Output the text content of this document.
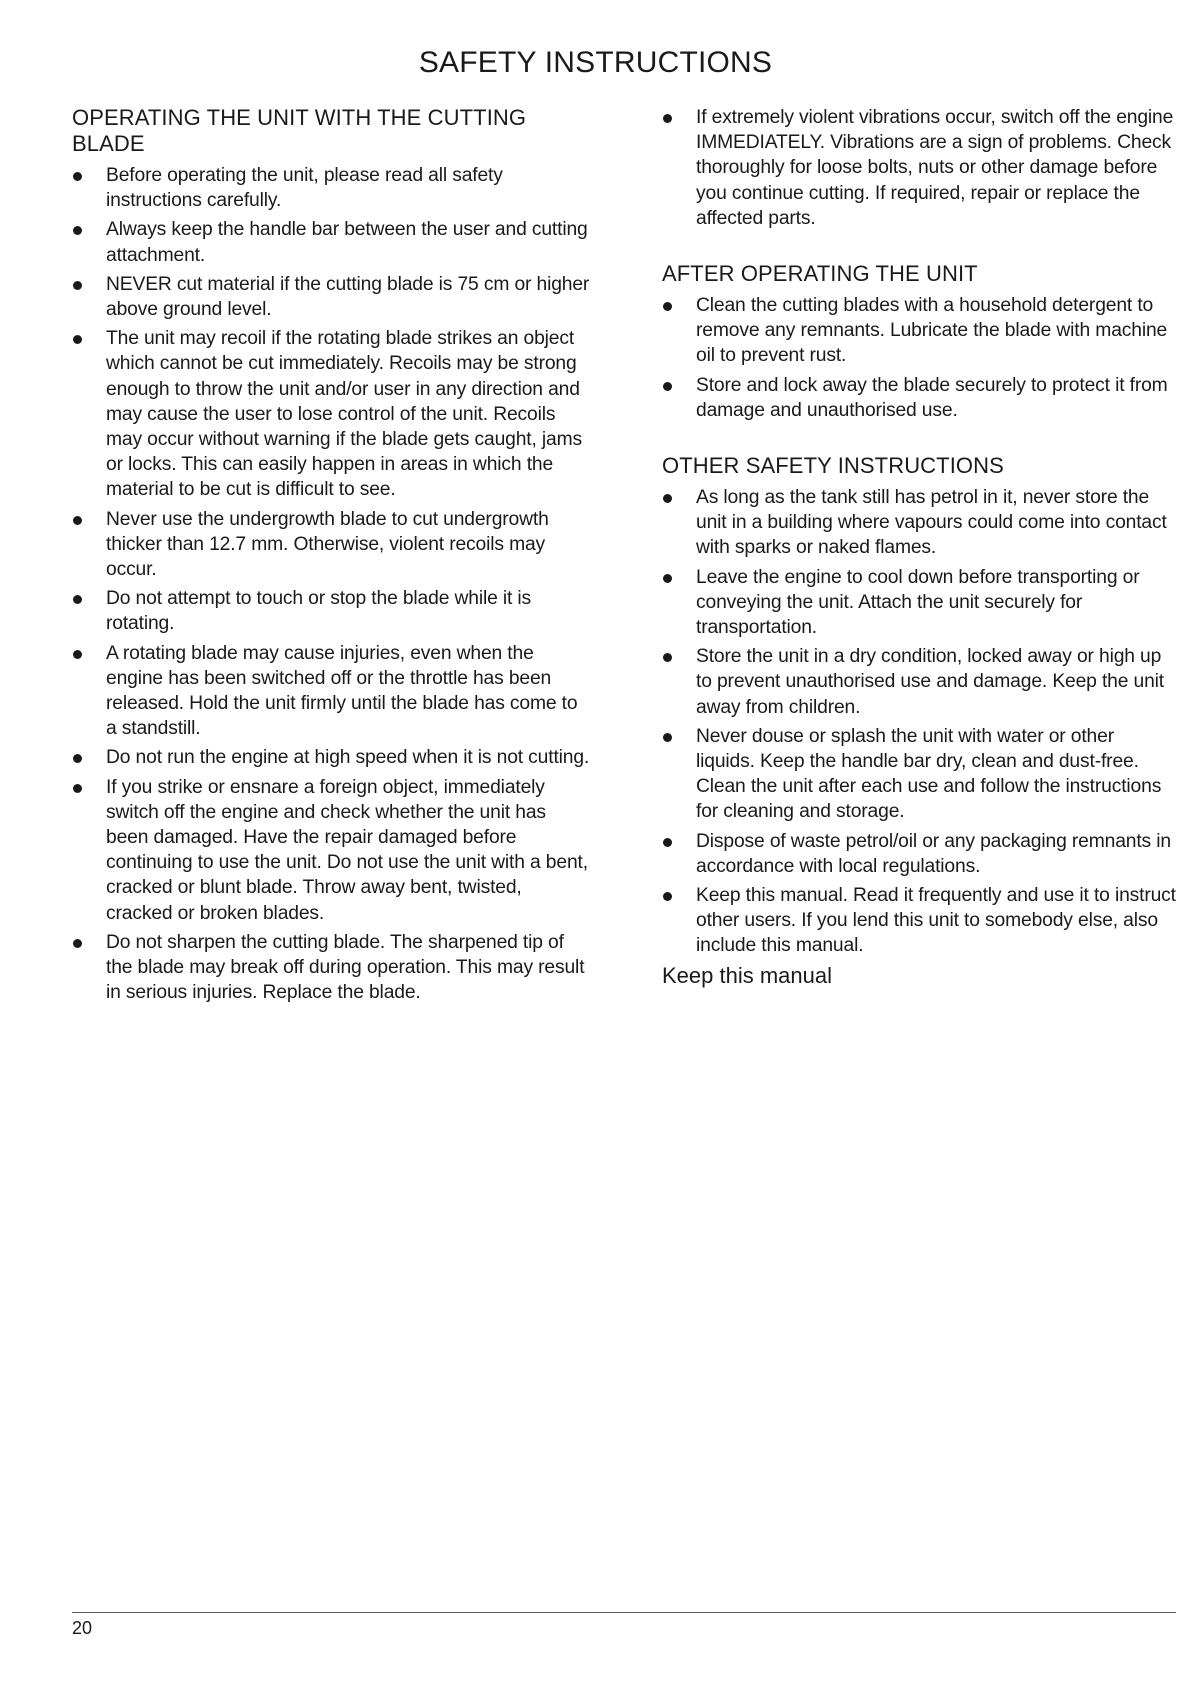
SAFETY INSTRUCTIONS
OPERATING THE UNIT WITH THE CUTTING BLADE
Before operating the unit, please read all safety instructions carefully.
Always keep the handle bar between the user and cutting attachment.
NEVER cut material if the cutting blade is 75 cm or higher above ground level.
The unit may recoil if the rotating blade strikes an object which cannot be cut immediately. Recoils may be strong enough to throw the unit and/or user in any direction and may cause the user to lose control of the unit. Recoils may occur without warning if the blade gets caught, jams or locks. This can easily happen in areas in which the material to be cut is difficult to see.
Never use the undergrowth blade to cut undergrowth thicker than 12.7 mm. Otherwise, violent recoils may occur.
Do not attempt to touch or stop the blade while it is rotating.
A rotating blade may cause injuries, even when the engine has been switched off or the throttle has been released. Hold the unit firmly until the blade has come to a standstill.
Do not run the engine at high speed when it is not cutting.
If you strike or ensnare a foreign object, immediately switch off the engine and check whether the unit has been damaged. Have the repair damaged before continuing to use the unit. Do not use the unit with a bent, cracked or blunt blade. Throw away bent, twisted, cracked or broken blades.
Do not sharpen the cutting blade. The sharpened tip of the blade may break off during operation. This may result in serious injuries. Replace the blade.
If extremely violent vibrations occur, switch off the engine IMMEDIATELY. Vibrations are a sign of problems. Check thoroughly for loose bolts, nuts or other damage before you continue cutting. If required, repair or replace the affected parts.
AFTER OPERATING THE UNIT
Clean the cutting blades with a household detergent to remove any remnants. Lubricate the blade with machine oil to prevent rust.
Store and lock away the blade securely to protect it from damage and unauthorised use.
OTHER SAFETY INSTRUCTIONS
As long as the tank still has petrol in it, never store the unit in a building where vapours could come into contact with sparks or naked flames.
Leave the engine to cool down before transporting or conveying the unit. Attach the unit securely for transportation.
Store the unit in a dry condition, locked away or high up to prevent unauthorised use and damage. Keep the unit away from children.
Never douse or splash the unit with water or other liquids. Keep the handle bar dry, clean and dust-free. Clean the unit after each use and follow the instructions for cleaning and storage.
Dispose of waste petrol/oil or any packaging remnants in accordance with local regulations.
Keep this manual. Read it frequently and use it to instruct other users. If you lend this unit to somebody else, also include this manual.

Keep this manual

20
